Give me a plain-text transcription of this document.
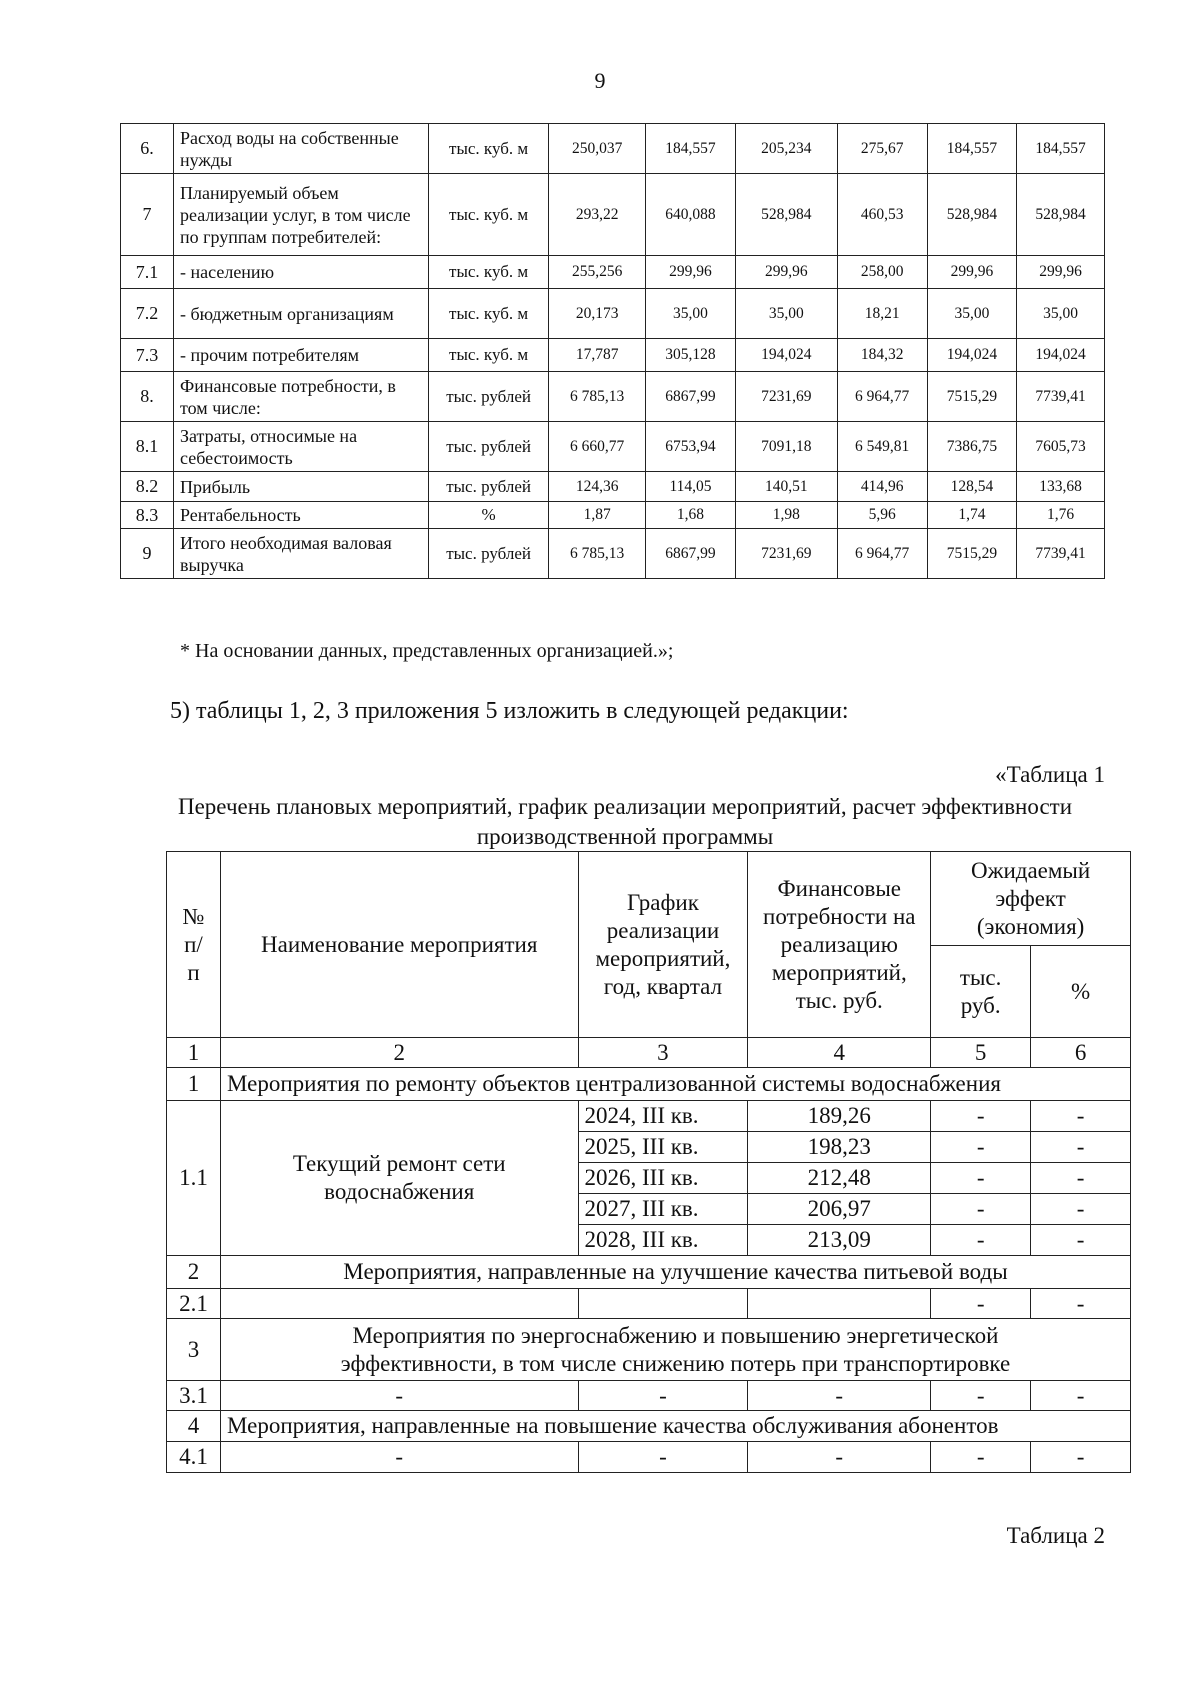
9
6.	Расход воды на собственные нужды	тыс. куб. м	250,037	184,557	205,234	275,67	184,557	184,557
7	Планируемый объем реализации услуг, в том числе по группам потребителей:	тыс. куб. м	293,22	640,088	528,984	460,53	528,984	528,984
7.1	- населению	тыс. куб. м	255,256	299,96	299,96	258,00	299,96	299,96
7.2	- бюджетным организациям	тыс. куб. м	20,173	35,00	35,00	18,21	35,00	35,00
7.3	- прочим потребителям	тыс. куб. м	17,787	305,128	194,024	184,32	194,024	194,024
8.	Финансовые потребности, в том числе:	тыс. рублей	6 785,13	6867,99	7231,69	6 964,77	7515,29	7739,41
8.1	Затраты, относимые на себестоимость	тыс. рублей	6 660,77	6753,94	7091,18	6 549,81	7386,75	7605,73
8.2	Прибыль	тыс. рублей	124,36	114,05	140,51	414,96	128,54	133,68
8.3	Рентабельность	%	1,87	1,68	1,98	5,96	1,74	1,76
9	Итого необходимая валовая выручка	тыс. рублей	6 785,13	6867,99	7231,69	6 964,77	7515,29	7739,41
* На основании данных, представленных организацией.»;
5) таблицы 1, 2, 3 приложения 5 изложить в следующей редакции:
«Таблица 1
Перечень плановых мероприятий, график реализации мероприятий, расчет эффективности производственной программы
№ п/ п	Наименование мероприятия	График реализации мероприятий, год, квартал	Финансовые потребности на реализацию мероприятий, тыс. руб.	Ожидаемый эффект (экономия)	
				тыс. руб.	%
1	2	3	4	5	6
1	Мероприятия по ремонту объектов централизованной системы водоснабжения				
1.1	Текущий ремонт сети водоснабжения	2024, III кв.	189,26	-	-
		2025, III кв.	198,23	-	-
		2026, III кв.	212,48	-	-
		2027, III кв.	206,97	-	-
		2028, III кв.	213,09	-	-
2	Мероприятия, направленные на улучшение качества питьевой воды				
2.1				-	-
3	Мероприятия по энергоснабжению и повышению энергетической эффективности, в том числе снижению потерь при транспортировке				
3.1	-	-	-	-	-
4	Мероприятия, направленные на повышение качества обслуживания абонентов				
4.1	-	-	-	-	-
Таблица 2
